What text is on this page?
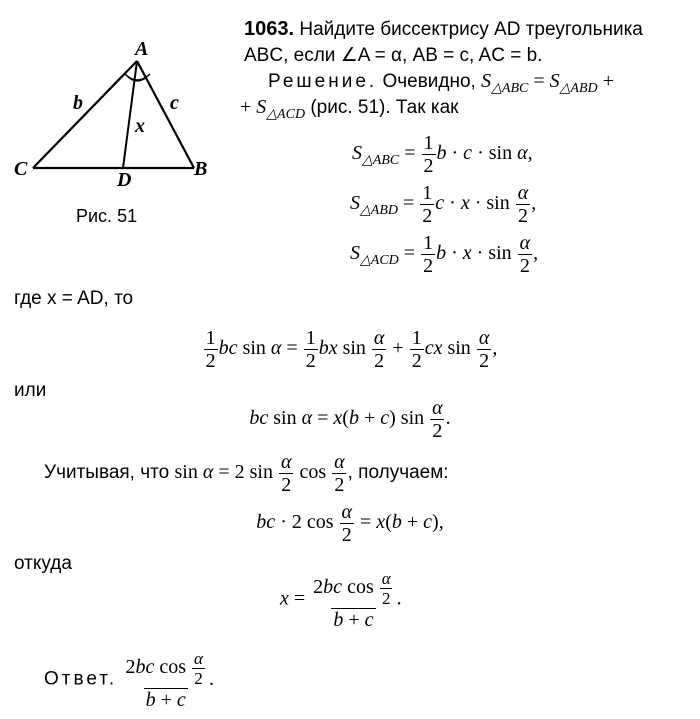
A
C	B
D
b	c
x
Рис. 51
1063. Найдите биссектрису AD треугольника
ABC, если ∠A = α, AB = c, AC = b.
Решение. Очевидно, $S_{\triangle ABC} = S_{\triangle ABD}$ +
+ $S_{\triangle ACD}$ (рис. 51). Так как
$S_{\triangle ABC} = \frac{1}{2}$ b · c · sin α,
$S_{\triangle ABD} = \frac{1}{2}$ $c \cdot x \cdot \sin \frac{\alpha}{2}$ ,
$S_{\triangle ACD} = \frac{1}{2}$ $b \cdot x \cdot \sin \frac{\alpha}{2}$ ,
где x = AD, то
$\frac{1}{2}$ bc $\sin \alpha = \frac{1}{2}$ bx $\sin \frac{\alpha}{2} + \frac{1}{2}$ cx $\sin \frac{\alpha}{2}$ ,
или
bc sin α = x(b + c) $\sin \frac{\alpha}{2}$ .
Учитывая, что sin α = 2 $\sin \frac{\alpha}{2}$ $\cos \frac{\alpha}{2}$ , получаем:
bc · 2 $\cos \frac{\alpha}{2} = x(b + c)$,
откуда
$x = \frac{2bc \cos \frac{\alpha}{2}}{b + c}$ .
Ответ. $\frac{2bc \cos \frac{\alpha}{2}}{b + c}$ .
